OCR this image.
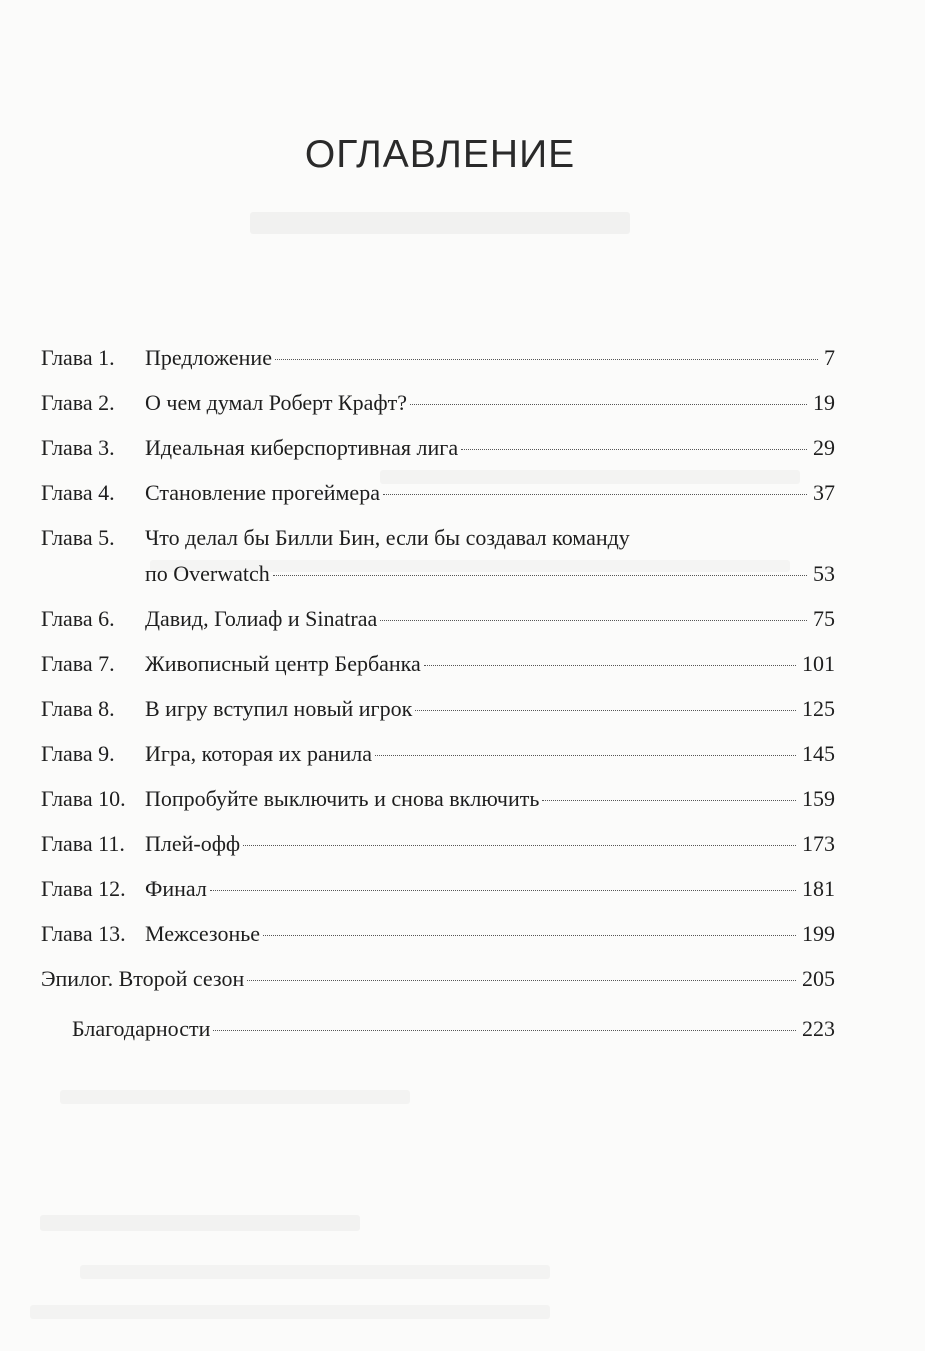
ОГЛАВЛЕНИЕ
Глава 1.	Предложение	7
Глава 2.	О чем думал Роберт Крафт?	19
Глава 3.	Идеальная киберспортивная лига	29
Глава 4.	Становление прогеймера	37
Глава 5.	Что делал бы Билли Бин, если бы создавал команду
по Overwatch	53
Глава 6.	Давид, Голиаф и Sinatraa	75
Глава 7.	Живописный центр Бербанка	101
Глава 8.	В игру вступил новый игрок	125
Глава 9.	Игра, которая их ранила	145
Глава 10. Попробуйте выключить и снова включить	159
Глава 11. Плей-офф	173
Глава 12. Финал	181
Глава 13. Межсезонье	199
Эпилог. Второй сезон	205
Благодарности	223
